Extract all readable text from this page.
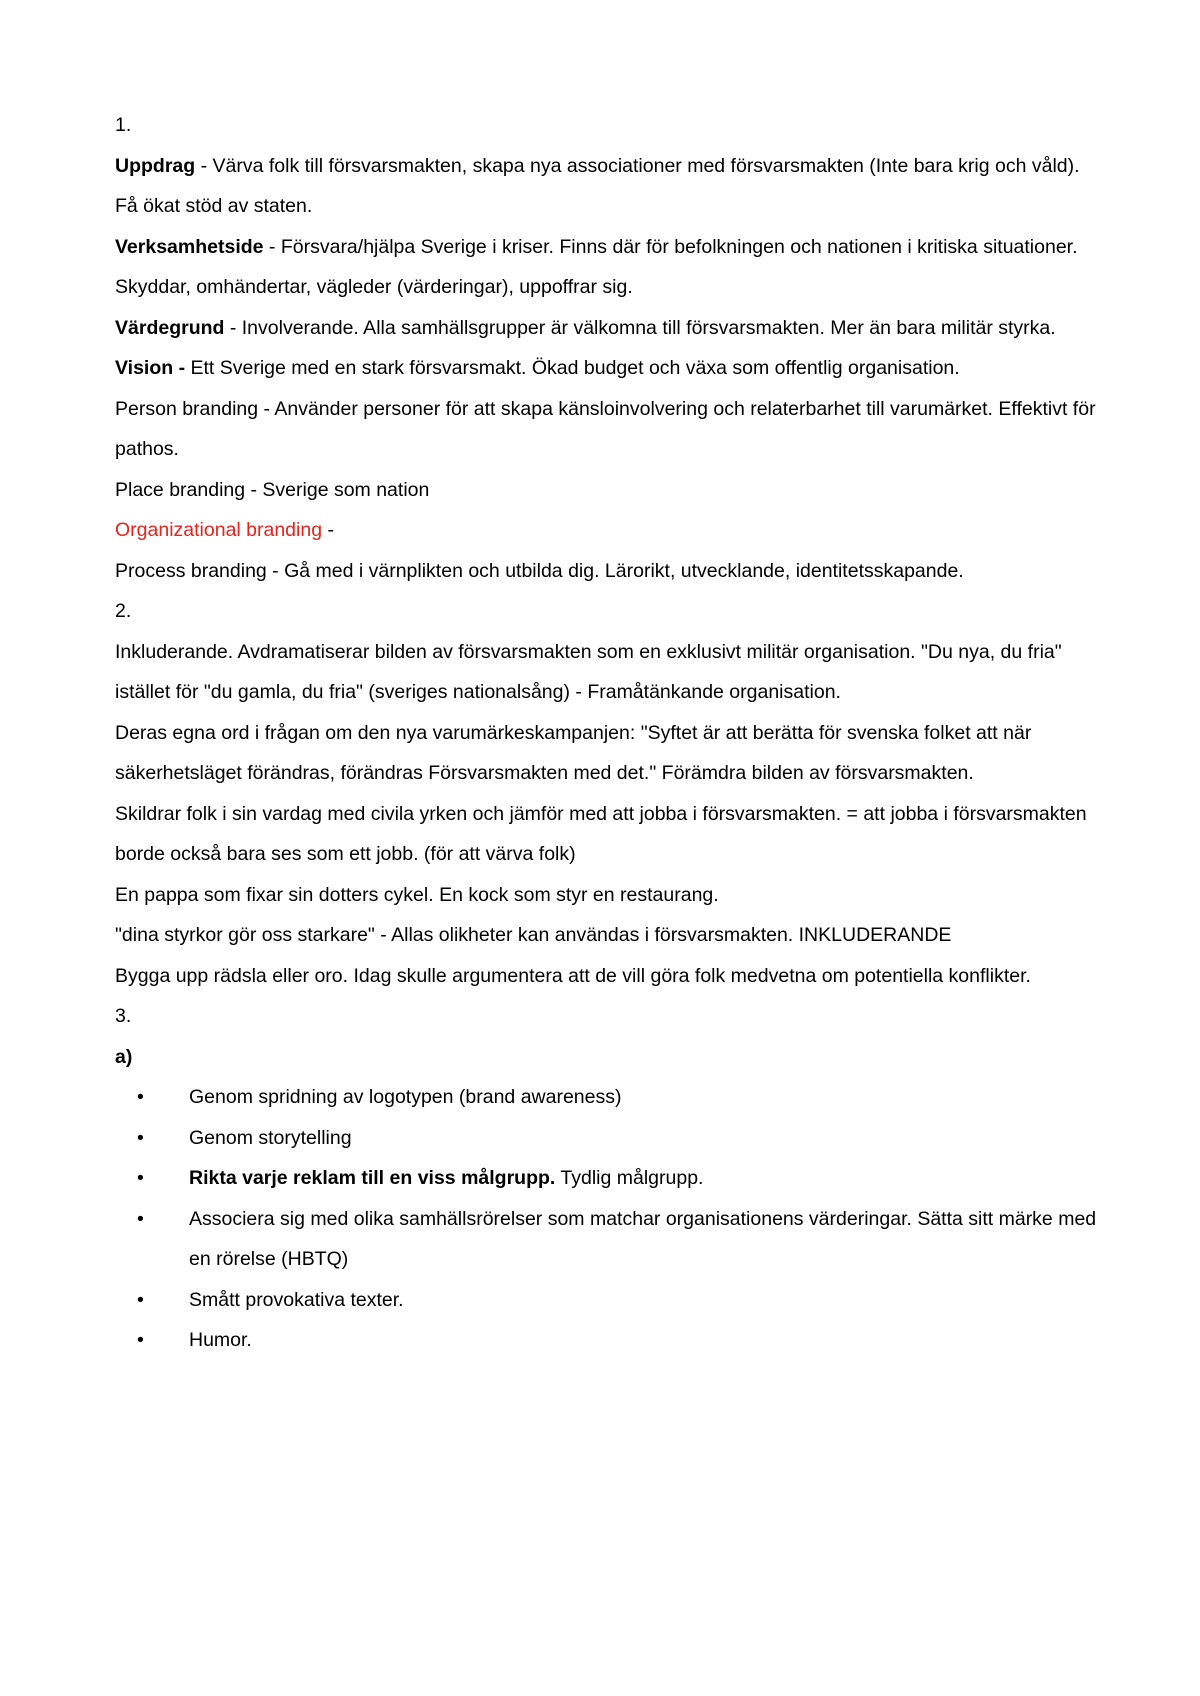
1.

Uppdrag - Värva folk till försvarsmakten, skapa nya associationer med försvarsmakten (Inte bara krig och våld). Få ökat stöd av staten.

Verksamhetside - Försvara/hjälpa Sverige i kriser. Finns där för befolkningen och nationen i kritiska situationer. Skyddar, omhändertar, vägleder (värderingar), uppoffrar sig.

Värdegrund - Involverande. Alla samhällsgrupper är välkomna till försvarsmakten. Mer än bara militär styrka.

Vision - Ett Sverige med en stark försvarsmakt. Ökad budget och växa som offentlig organisation.

Person branding - Använder personer för att skapa känsloinvolvering och relaterbarhet till varumärket. Effektivt för pathos.

Place branding - Sverige som nation

Organizational branding -

Process branding - Gå med i värnplikten och utbilda dig. Lärorikt, utvecklande, identitetsskapande.

2.

Inkluderande. Avdramatiserar bilden av försvarsmakten som en exklusivt militär organisation. "Du nya, du fria" istället för "du gamla, du fria" (sveriges nationalsång) - Framåtänkande organisation.

Deras egna ord i frågan om den nya varumärkeskampanjen: "Syftet är att berätta för svenska folket att när säkerhetsläget förändras, förändras Försvarsmakten med det." Förämdra bilden av försvarsmakten.

Skildrar folk i sin vardag med civila yrken och jämför med att jobba i försvarsmakten. = att jobba i försvarsmakten borde också bara ses som ett jobb. (för att värva folk)

En pappa som fixar sin dotters cykel. En kock som styr en restaurang.

"dina styrkor gör oss starkare" - Allas olikheter kan användas i försvarsmakten. INKLUDERANDE

Bygga upp rädsla eller oro. Idag skulle argumentera att de vill göra folk medvetna om potentiella konflikter.

3.

a)

• Genom spridning av logotypen (brand awareness)
• Genom storytelling
• Rikta varje reklam till en viss målgrupp. Tydlig målgrupp.
• Associera sig med olika samhällsrörelser som matchar organisationens värderingar. Sätta sitt märke med en rörelse (HBTQ)
• Smått provokativa texter.
• Humor.
